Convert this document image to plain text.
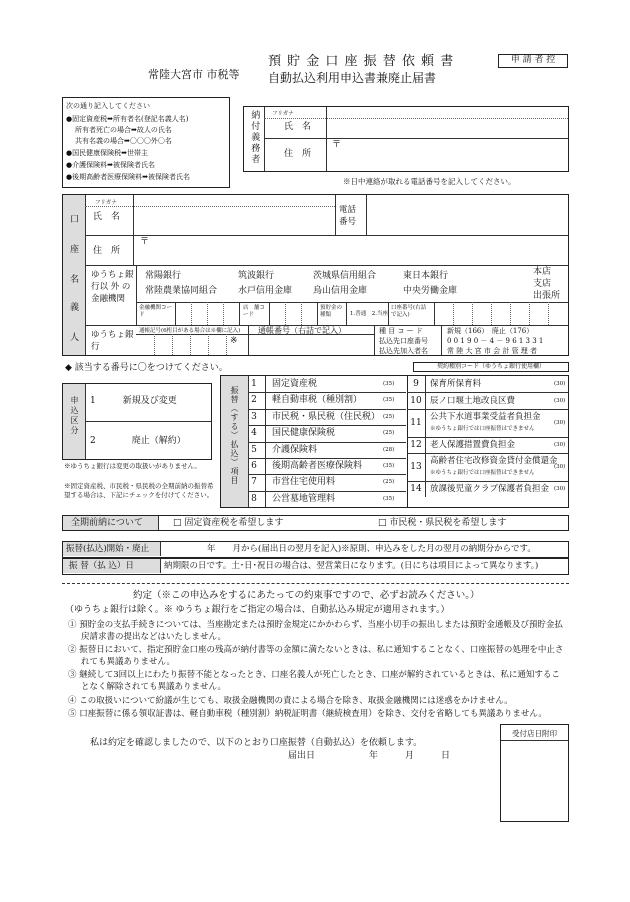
常陸大宮市 市税等
預 貯 金 口 座 振 替 依 頼 書
自動払込利用申込書兼廃止届書
申 請 者 控
次の通り記入してください
●固定資産税➡所有者名(登記名義人名)
所有者死亡の場合➡故人の氏名
共有名義の場合➡〇〇〇外〇名
●国民健康保険税➡世帯主
●介護保険料➡被保険者氏名
●後期高齢者医療保険料➡被保険者氏名
納付義務者 フリガナ
氏　名
住　所
〒
※日中連絡が取れる電話番号を記入してください。
口
座
名
義
人
フリガナ
氏　名
電話番号
住　所
〒
ゆうちょ銀　　行以 外 の金融機関
常陽銀行	筑波銀行	茨城県信用組合	東日本銀行
常陸農業協同組合 水戸信用金庫 烏山信用金庫	中央労働金庫
本店
支店
出張所
金融機関コード
店　舗コード
預貯金の種類	1.普通　2.当座
口座番号(右詰で記入)
ゆうちょ銀　　行
通帳記号(6桁目がある場合は※欄に記入)
※
通帳番号（右詰で記入）	種 目 コ ー ド	新規（166）　廃止（176）
払込先口座番号	0 0 1 9 0 － 4 － 9 6 1 3 3 1
払込先加入者名	常 陸 大 宮 市 会 計 管 理 者
◆ 該当する番号に〇をつけてください。	契約種別コード（ゆうちょ銀行使用欄）
申込区分 1　　　新規及び変更
2　　　　廃止（解約）
※ゆうちょ銀行は変更の取扱いがありません。
※固定資産税、市民税・県民税の全期前納の振替希望する場合は、下記にチェックを付けてください。
振替（する）払込）項目
1 固定資産税	(35)
2 軽自動車税（種別割）	(35)
3 市民税・県民税（住民税） (25)
4 国民健康保険税	(25)
5 介護保険料	(28)
6 後期高齢者医療保険料	(35)
7 市営住宅使用料	(25)
8 公営墓地管理料	(35)
9	保育所保育料	(30)
10 辰ノ口堰土地改良区費	(30)
11
公共下水道事業受益者負担金
※ゆうちょ銀行では口座振替はできません
(30)
12 老人保護措置費負担金	(30)
13
高齢者住宅改修資金貸付金償還金
※ゆうちょ銀行では口座振替はできません
(30)
14 放課後児童クラブ保護者負担金 (30)
全期前納について	□ 固定資産税を希望します	□ 市民税・県民税を希望します
振替(払込)開始・廃止	年　　月から(届出日の翌月を記入)※原則、申込みをした月の翌月の納期分からです。
振 替（払 込）日	納期限の日です。土･日･祝日の場合は、翌営業日になります。(日にちは項目によって異なります。)
約定（※この申込みをするにあたっての約束事ですので、必ずお読みください。）
（ゆうちょ銀行は除く。※ ゆうちょ銀行をご指定の場合は、自動払込み規定が適用されます。）
① 預貯金の支払手続きについては、当座勘定または預貯金規定にかかわらず、当座小切手の振出しまたは預貯金通帳及び預貯金払戻請求書の提出などはいたしません。
② 振替日において、指定預貯金口座の残高が納付書等の金額に満たないときは、私に通知することなく、口座振替の処理を中止されても異議ありません。
③ 継続して3回以上にわたり振替不能となったとき、口座名義人が死亡したとき、口座が解約されているときは、私に通知することなく解除されても異議ありません。
④ この取扱いについて紛議が生じても、取扱金融機関の責による場合を除き、取扱金融機関には迷惑をかけません。
⑤ 口座振替に係る領収証書は、軽自動車税（種別割）納税証明書（継続検査用）を除き、交付を省略しても異議ありません。
私は約定を確認しましたので、以下のとおり口座振替（自動払込）を依頼します。
届出日　　　　　　年　　　月　　　日
受付店日附印
